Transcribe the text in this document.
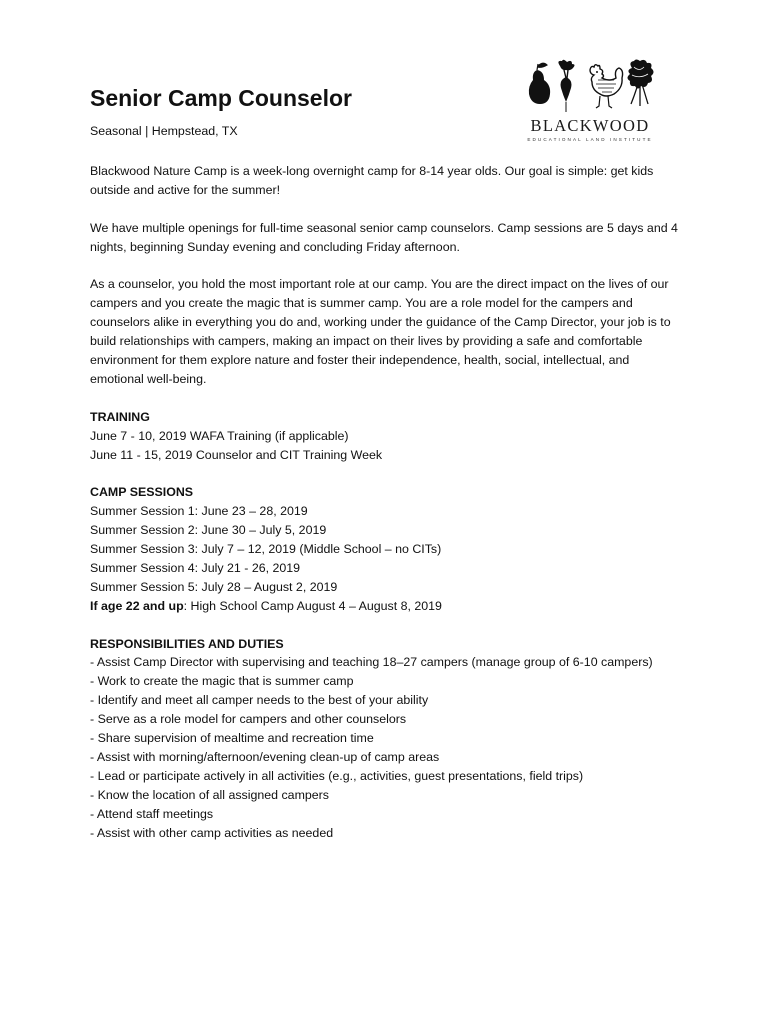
BLACKWOOD
EDUCATIONAL LAND INSTITUTE
Senior Camp Counselor
Seasonal | Hempstead, TX

Blackwood Nature Camp is a week-long overnight camp for 8-14 year olds. Our goal is simple: get kids outside and active for the summer!

We have multiple openings for full-time seasonal senior camp counselors. Camp sessions are 5 days and 4 nights, beginning Sunday evening and concluding Friday afternoon.

As a counselor, you hold the most important role at our camp. You are the direct impact on the lives of our campers and you create the magic that is summer camp. You are a role model for the campers and counselors alike in everything you do and, working under the guidance of the Camp Director, your job is to build relationships with campers, making an impact on their lives by providing a safe and comfortable environment for them explore nature and foster their independence, health, social, intellectual, and emotional well-being.

TRAINING
June 7 - 10, 2019 WAFA Training (if applicable)
June 11 - 15, 2019 Counselor and CIT Training Week
CAMP SESSIONS
Summer Session 1: June 23 – 28, 2019
Summer Session 2: June 30 – July 5, 2019
Summer Session 3: July 7 – 12, 2019 (Middle School – no CITs)
Summer Session 4: July 21 - 26, 2019
Summer Session 5: July 28 – August 2, 2019
If age 22 and up: High School Camp August 4 – August 8, 2019
RESPONSIBILITIES AND DUTIES
- Assist Camp Director with supervising and teaching 18–27 campers (manage group of 6-10 campers)
- Work to create the magic that is summer camp
- Identify and meet all camper needs to the best of your ability
- Serve as a role model for campers and other counselors
- Share supervision of mealtime and recreation time
- Assist with morning/afternoon/evening clean-up of camp areas
- Lead or participate actively in all activities (e.g., activities, guest presentations, field trips)
- Know the location of all assigned campers
- Attend staff meetings
- Assist with other camp activities as needed
